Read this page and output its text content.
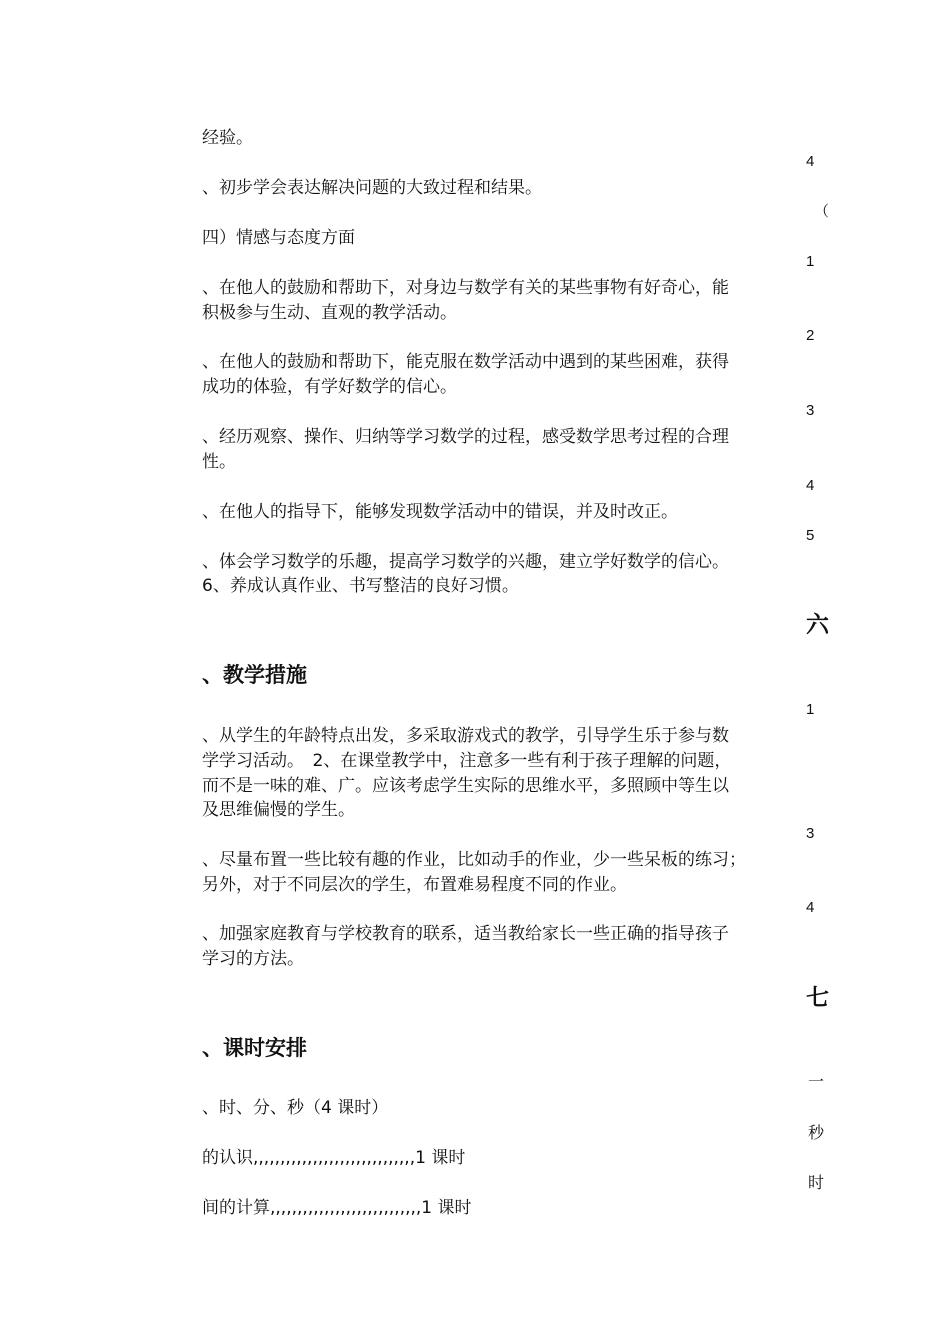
经验。
4
、初步学会表达解决问题的大致过程和结果。
（
四）情感与态度方面
1
、在他人的鼓励和帮助下，对身边与数学有关的某些事物有好奇心，能
积极参与生动、直观的教学活动。
2
、在他人的鼓励和帮助下，能克服在数学活动中遇到的某些困难，获得
成功的体验，有学好数学的信心。
3
、经历观察、操作、归纳等学习数学的过程，感受数学思考过程的合理
性。
4
、在他人的指导下，能够发现数学活动中的错误，并及时改正。
5
、体会学习数学的乐趣，提高学习数学的兴趣，建立学好数学的信心。
6、养成认真作业、书写整洁的良好习惯。
六
、教学措施
1
、从学生的年龄特点出发，多采取游戏式的教学，引导学生乐于参与数
学学习活动。　2、在课堂教学中，注意多一些有利于孩子理解的问题，
而不是一味的难、广。应该考虑学生实际的思维水平，多照顾中等生以
及思维偏慢的学生。
3
、尽量布置一些比较有趣的作业，比如动手的作业，少一些呆板的练习；
另外，对于不同层次的学生，布置难易程度不同的作业。
4
、加强家庭教育与学校教育的联系，适当教给家长一些正确的指导孩子
学习的方法。
七
、课时安排
一
、时、分、秒（4 课时）
秒
的认识,,,,,,,,,,,,,,,,,,,,,,,,,,,,,,1 课时
时
间的计算,,,,,,,,,,,,,,,,,,,,,,,,,,,,1 课时
